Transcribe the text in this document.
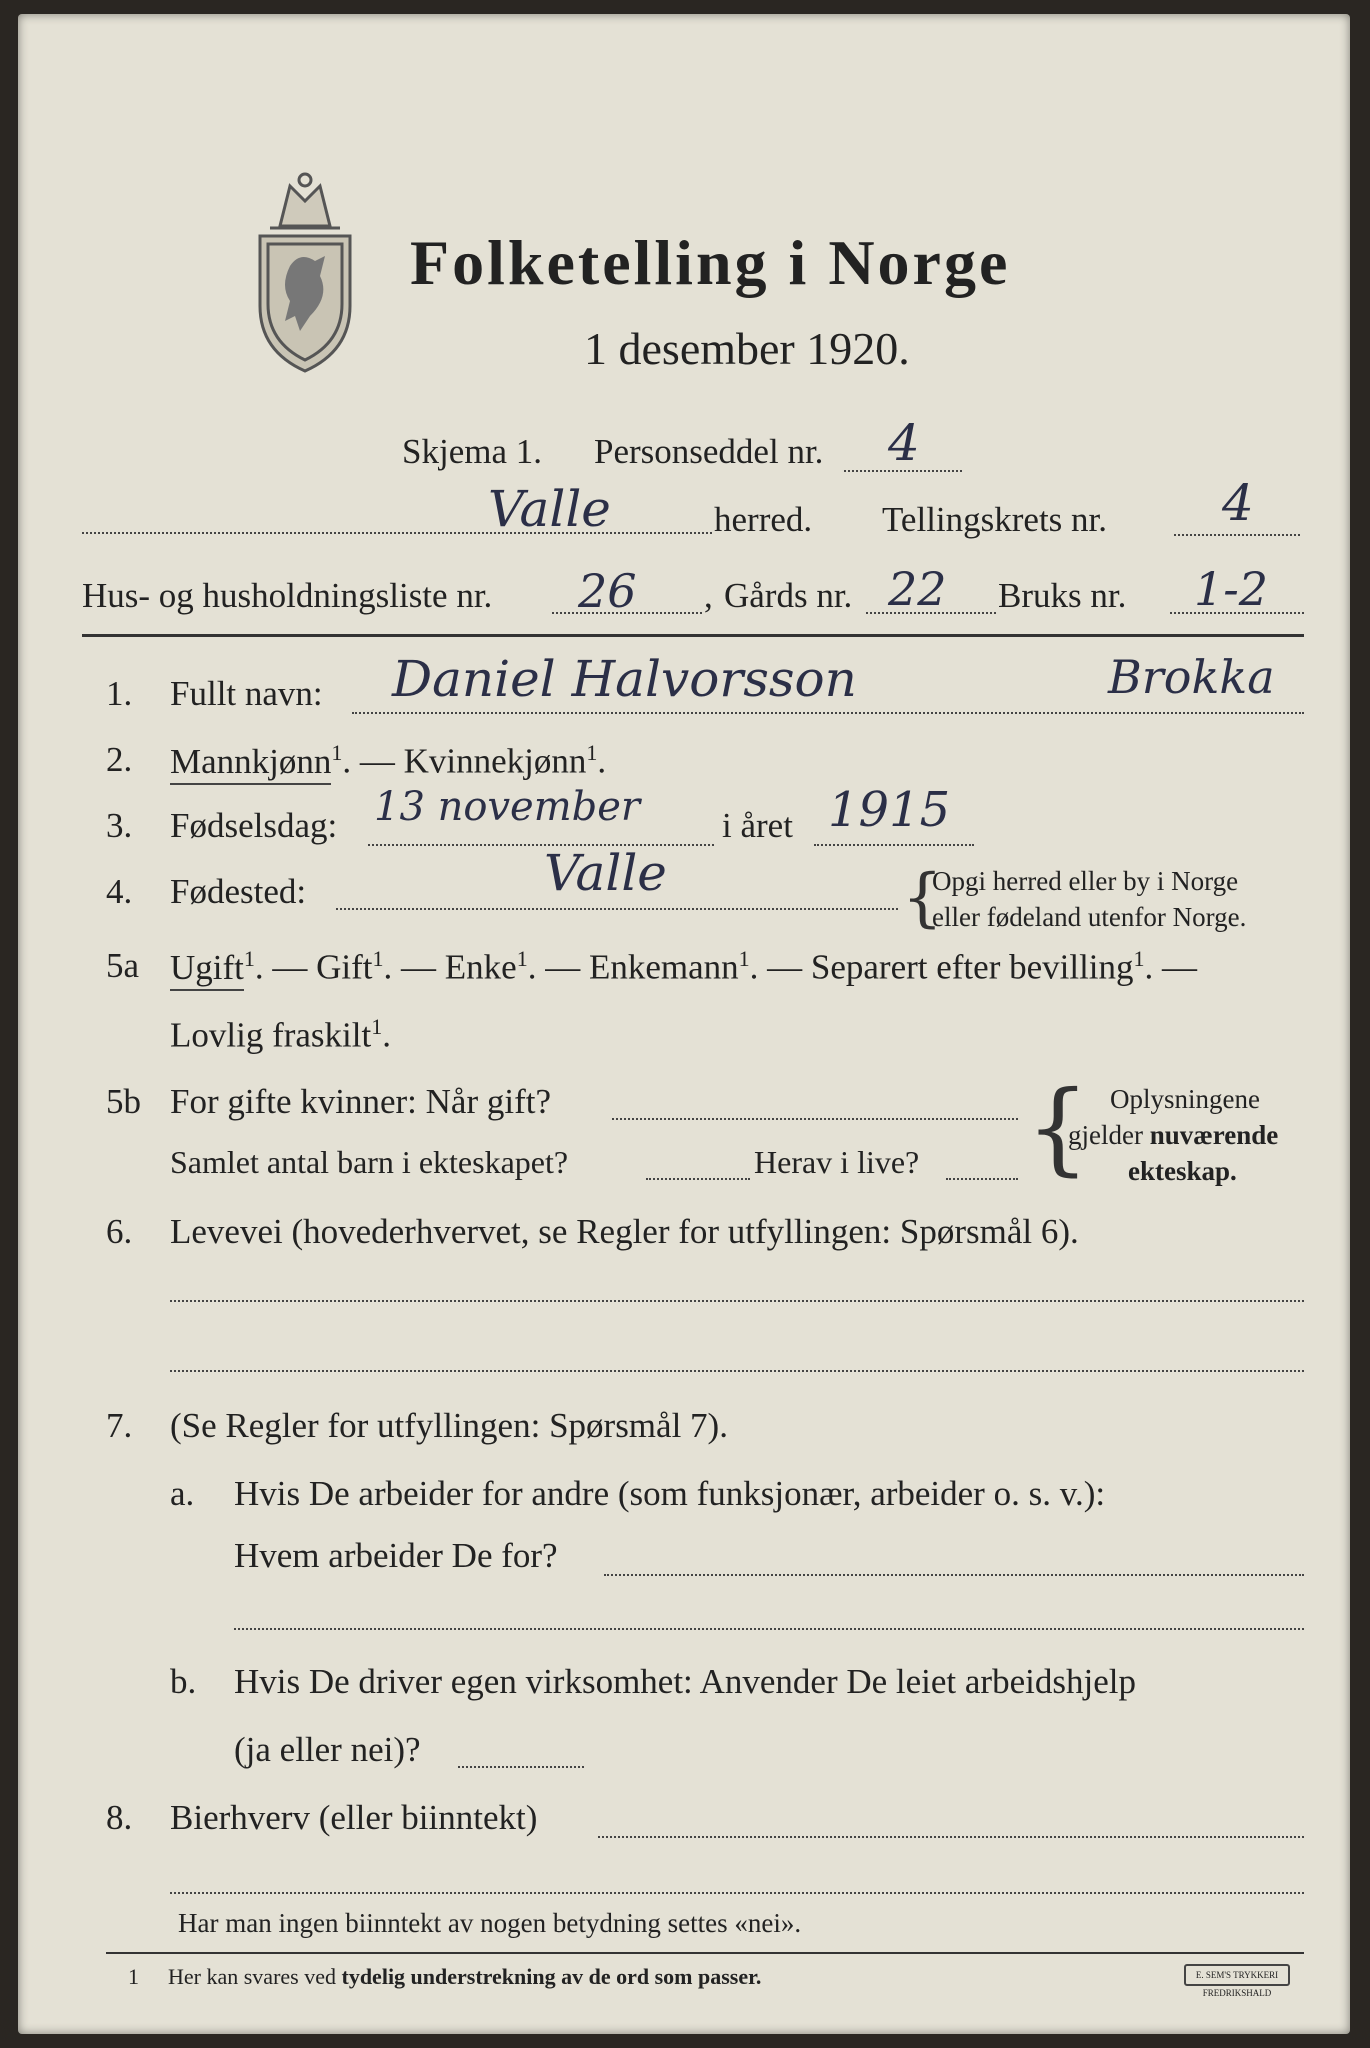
Folketelling i Norge
1 desember 1920.
Skjema 1. Personseddel nr. 4
Valle	herred. Tellingskrets nr. 4
Hus- og husholdningsliste nr. 26 , Gårds nr. 22 Bruks nr. 1-2
1. Fullt navn: Daniel Halvorsson	Brokka
2. Mannkjønn$^1$. — Kvinnekjønn$^1$.
3. Fødselsdag: 13 november i året 1915
4. Fødested:	Valle	{
Opgi herred eller by i Norge
eller fødeland utenfor Norge.
5a Ugift$^1$. — Gift$^1$. — Enke$^1$. — Enkemann$^1$. — Separert efter bevilling$^1$. —
Lovlig fraskilt$^1$.
5b For gifte kvinner: Når gift?
Samlet antal barn i ekteskapet?	Herav i live? { Oplysningene
gjelder nuværende
ekteskap.
6. Levevei (hovederhvervet, se Regler for utfyllingen: Spørsmål 6).
7. (Se Regler for utfyllingen: Spørsmål 7).
a. Hvis De arbeider for andre (som funksjonær, arbeider o. s. v.):
Hvem arbeider De for?
b. Hvis De driver egen virksomhet: Anvender De leiet arbeidshjelp
(ja eller nei)?
8. Bierhverv (eller biinntekt)
Har man ingen biinntekt av nogen betydning settes «nei».
1 Her kan svares ved tydelig understrekning av de ord som passer.	E. SEM'S TRYKKERI FREDRIKSHALD
